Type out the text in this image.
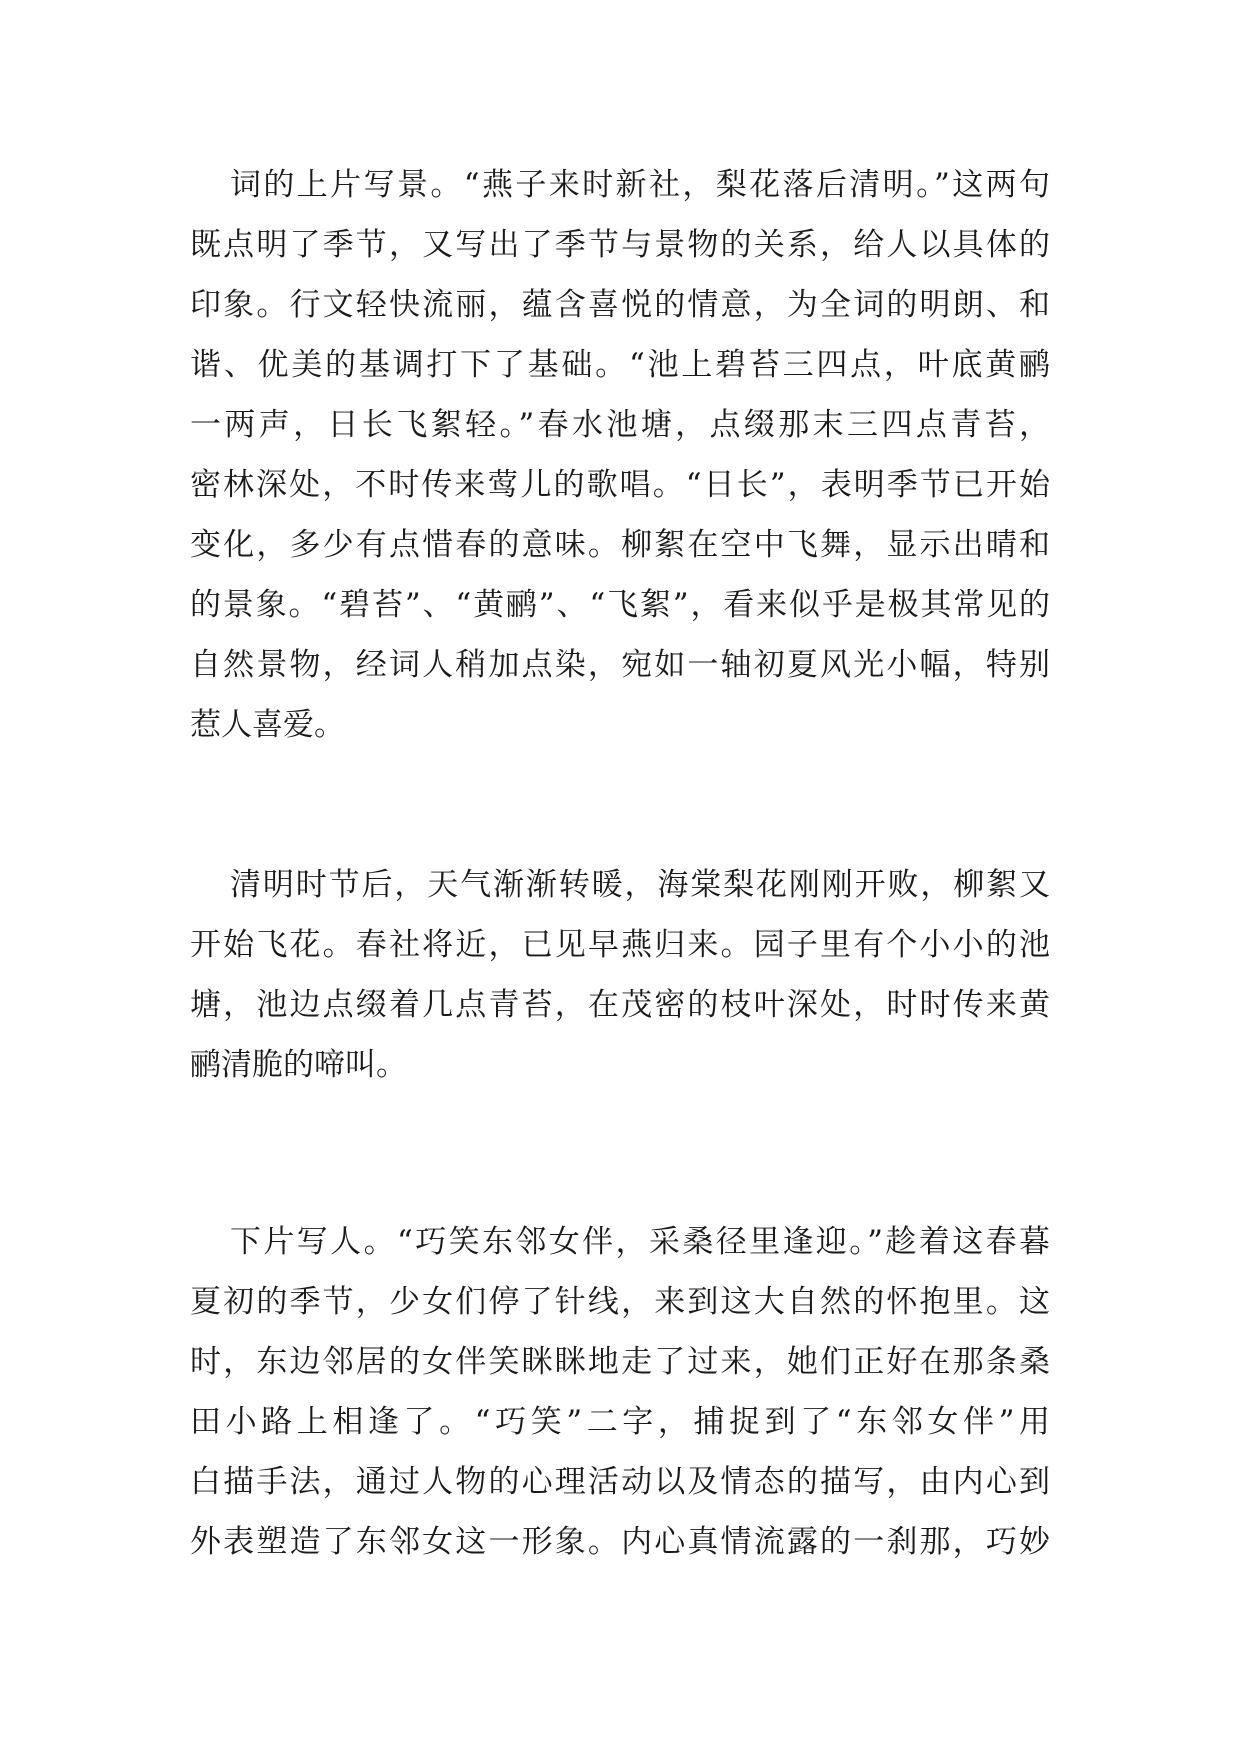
词的上片写景。“燕子来时新社，梨花落后清明。”这两句
既点明了季节，又写出了季节与景物的关系，给人以具体的
印象。行文轻快流丽，蕴含喜悦的情意，为全词的明朗、和
谐、优美的基调打下了基础。“池上碧苔三四点，叶底黄鹂
一两声，日长飞絮轻。”春水池塘，点缀那末三四点青苔，
密林深处，不时传来莺儿的歌唱。“日长”，表明季节已开始
变化，多少有点惜春的意味。柳絮在空中飞舞，显示出晴和
的景象。“碧苔”、“黄鹂”、“飞絮”，看来似乎是极其常见的
自然景物，经词人稍加点染，宛如一轴初夏风光小幅，特别
惹人喜爱。
清明时节后，天气渐渐转暖，海棠梨花刚刚开败，柳絮又
开始飞花。春社将近，已见早燕归来。园子里有个小小的池
塘，池边点缀着几点青苔，在茂密的枝叶深处，时时传来黄
鹂清脆的啼叫。
下片写人。“巧笑东邻女伴，采桑径里逢迎。”趁着这春暮
夏初的季节，少女们停了针线，来到这大自然的怀抱里。这
时，东边邻居的女伴笑眯眯地走了过来，她们正好在那条桑
田小路上相逢了。“巧笑”二字，捕捉到了“东邻女伴”用
白描手法，通过人物的心理活动以及情态的描写，由内心到
外表塑造了东邻女这一形象。内心真情流露的一刹那，巧妙
